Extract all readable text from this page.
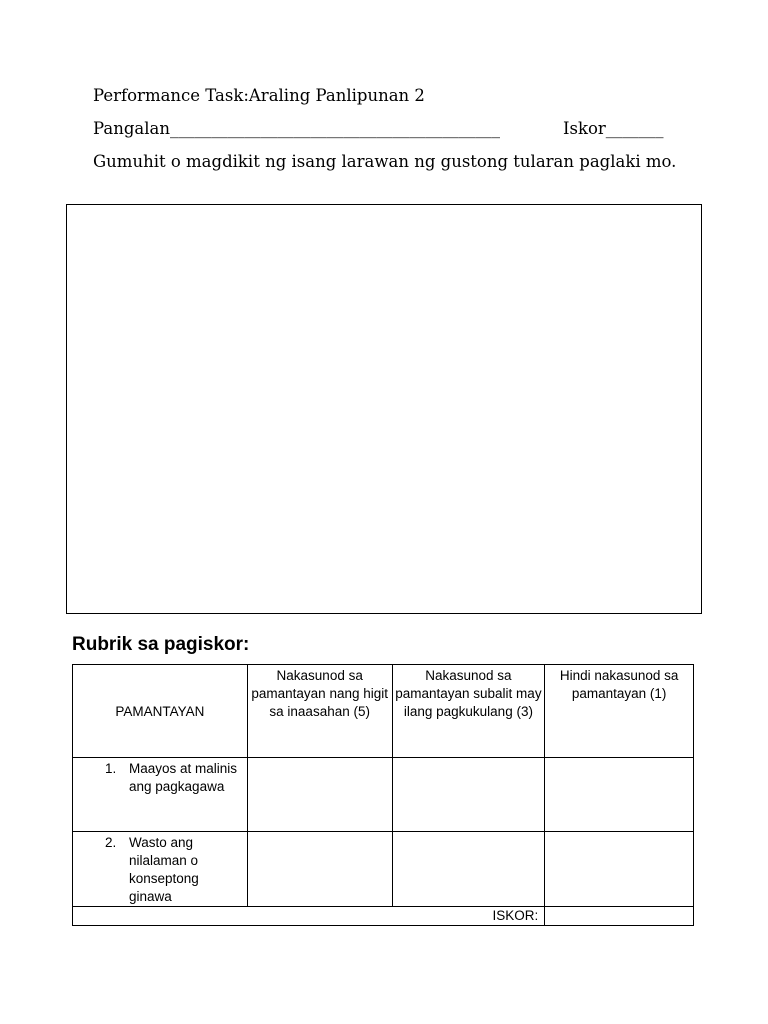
Performance Task:Araling Panlipunan 2
Pangalan________________________________________	Iskor_______
Gumuhit o magdikit ng isang larawan ng gustong tularan paglaki mo.
Rubrik sa pagiskor:
PAMANTAYAN	Nakasunod sa pamantayan nang higit sa inaasahan (5)	Nakasunod sa pamantayan subalit may ilang pagkukulang (3)	Hindi nakasunod sa pamantayan (1)

1. Maayos at malinis ang pagkagawa			

2. Wasto ang nilalaman o konseptong ginawa			

ISKOR:			
